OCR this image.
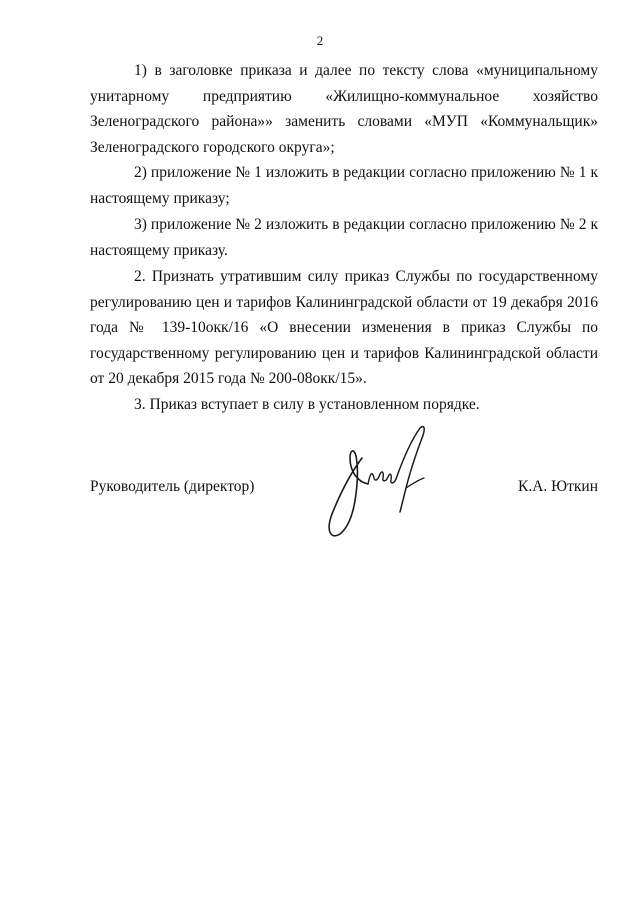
2

1) в заголовке приказа и далее по тексту слова «муниципальному унитарному предприятию «Жилищно-коммунальное хозяйство Зеленоградского района»» заменить словами «МУП «Коммунальщик» Зеленоградского городского округа»;

2) приложение № 1 изложить в редакции согласно приложению № 1 к настоящему приказу;

3) приложение № 2 изложить в редакции согласно приложению № 2 к настоящему приказу.

2. Признать утратившим силу приказ Службы по государственному регулированию цен и тарифов Калининградской области от 19 декабря 2016 года № 139-10окк/16 «О внесении изменения в приказ Службы по государственному регулированию цен и тарифов Калининградской области от 20 декабря 2015 года № 200-08окк/15».

3. Приказ вступает в силу в установленном порядке.

Руководитель (директор)	К.А. Юткин
